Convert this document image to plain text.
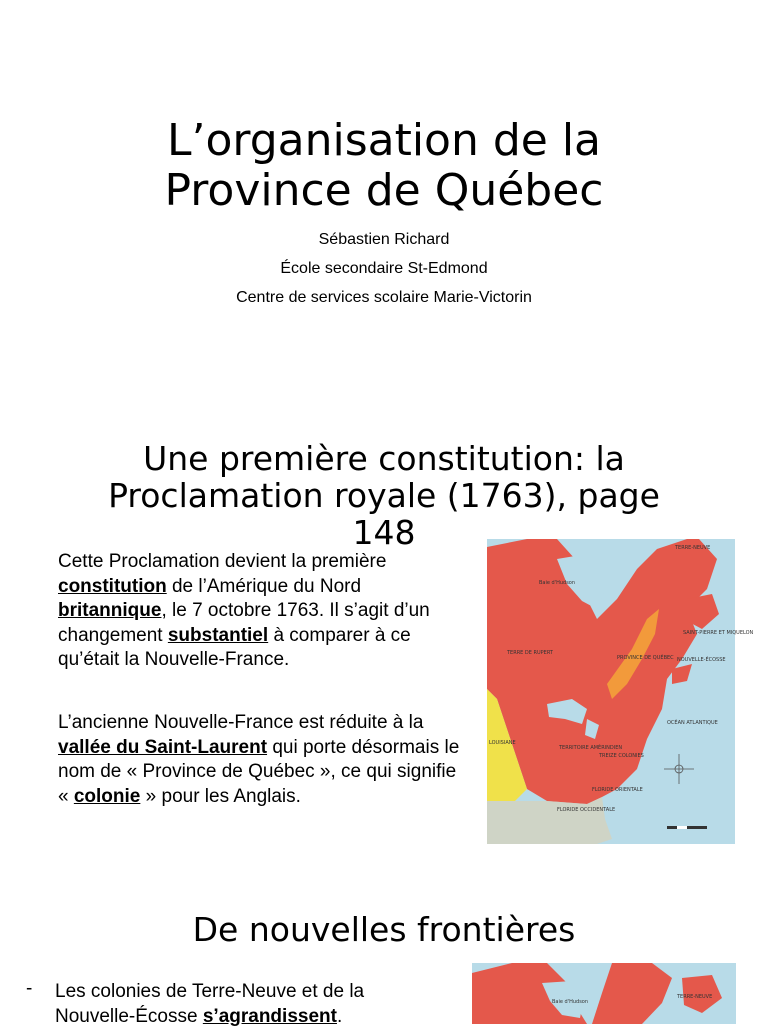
L’organisation de la
Province de Québec
Sébastien Richard
École secondaire St-Edmond
Centre de services scolaire Marie-Victorin
Une première constitution: la
Proclamation royale (1763), page
148

Cette Proclamation devient la première constitution de l’Amérique du Nord britannique, le 7 octobre 1763. Il s’agit d’un changement substantiel à comparer à ce qu’était la Nouvelle-France.

L’ancienne Nouvelle-France est réduite à la vallée du Saint-Laurent qui porte désormais le nom de « Province de Québec », ce qui signifie « colonie » pour les Anglais.

Baie d'Hudson
TERRE-NEUVE
TERRE DE RUPERT
PROVINCE DE QUÉBEC
SAINT-PIERRE ET MIQUELON
NOUVELLE-ÉCOSSE
TERRITOIRE AMÉRINDIEN
TREIZE COLONIES
LOUISIANE
OCÉAN ATLANTIQUE
FLORIDE ORIENTALE
FLORIDE OCCIDENTALE
De nouvelles frontières
- Les colonies de Terre-Neuve et de la Nouvelle-Écosse s’agrandissent.

Baie d'Hudson
TERRE-NEUVE
